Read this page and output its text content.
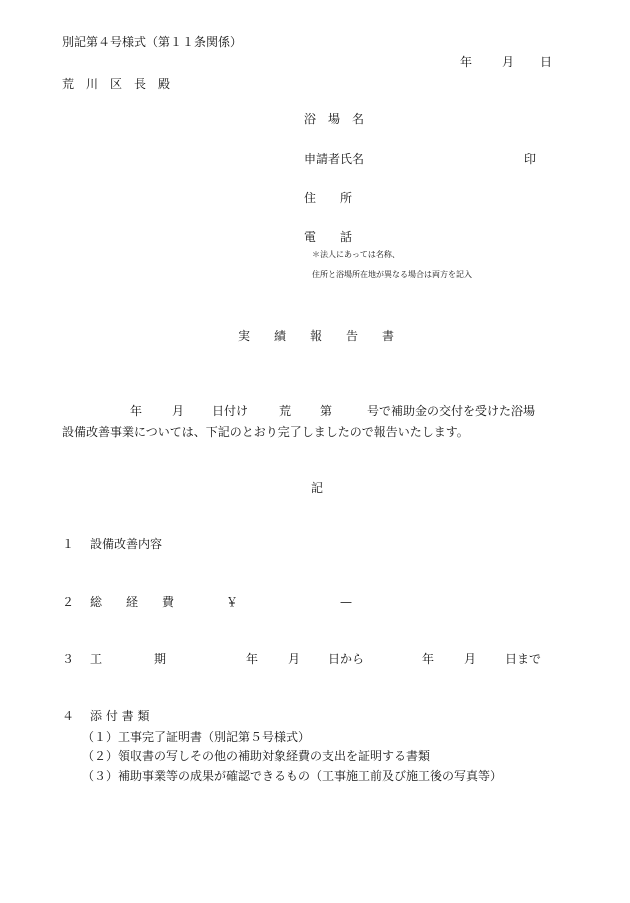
別記第４号様式（第１１条関係）
年 月 日
荒　川　区　長　殿
浴　場　名
申請者氏名	印
住　　所
電　　話
＊法人にあっては名称、
住所と浴場所在地が異なる場合は両方を記入
実　　績　　報　　告　　書
年 月 日付け	荒 第	号で補助金の交付を受けた浴場
設備改善事業については、下記のとおり完了しましたので報告いたします。
記
１ 設備改善内容
２ 総　　経　　費	￥	—
３ 工	期	年 月 日から	年 月 日まで
４ 添 付 書 類
（１）工事完了証明書（別記第５号様式）
（２）領収書の写しその他の補助対象経費の支出を証明する書類
（３）補助事業等の成果が確認できるもの（工事施工前及び施工後の写真等）
